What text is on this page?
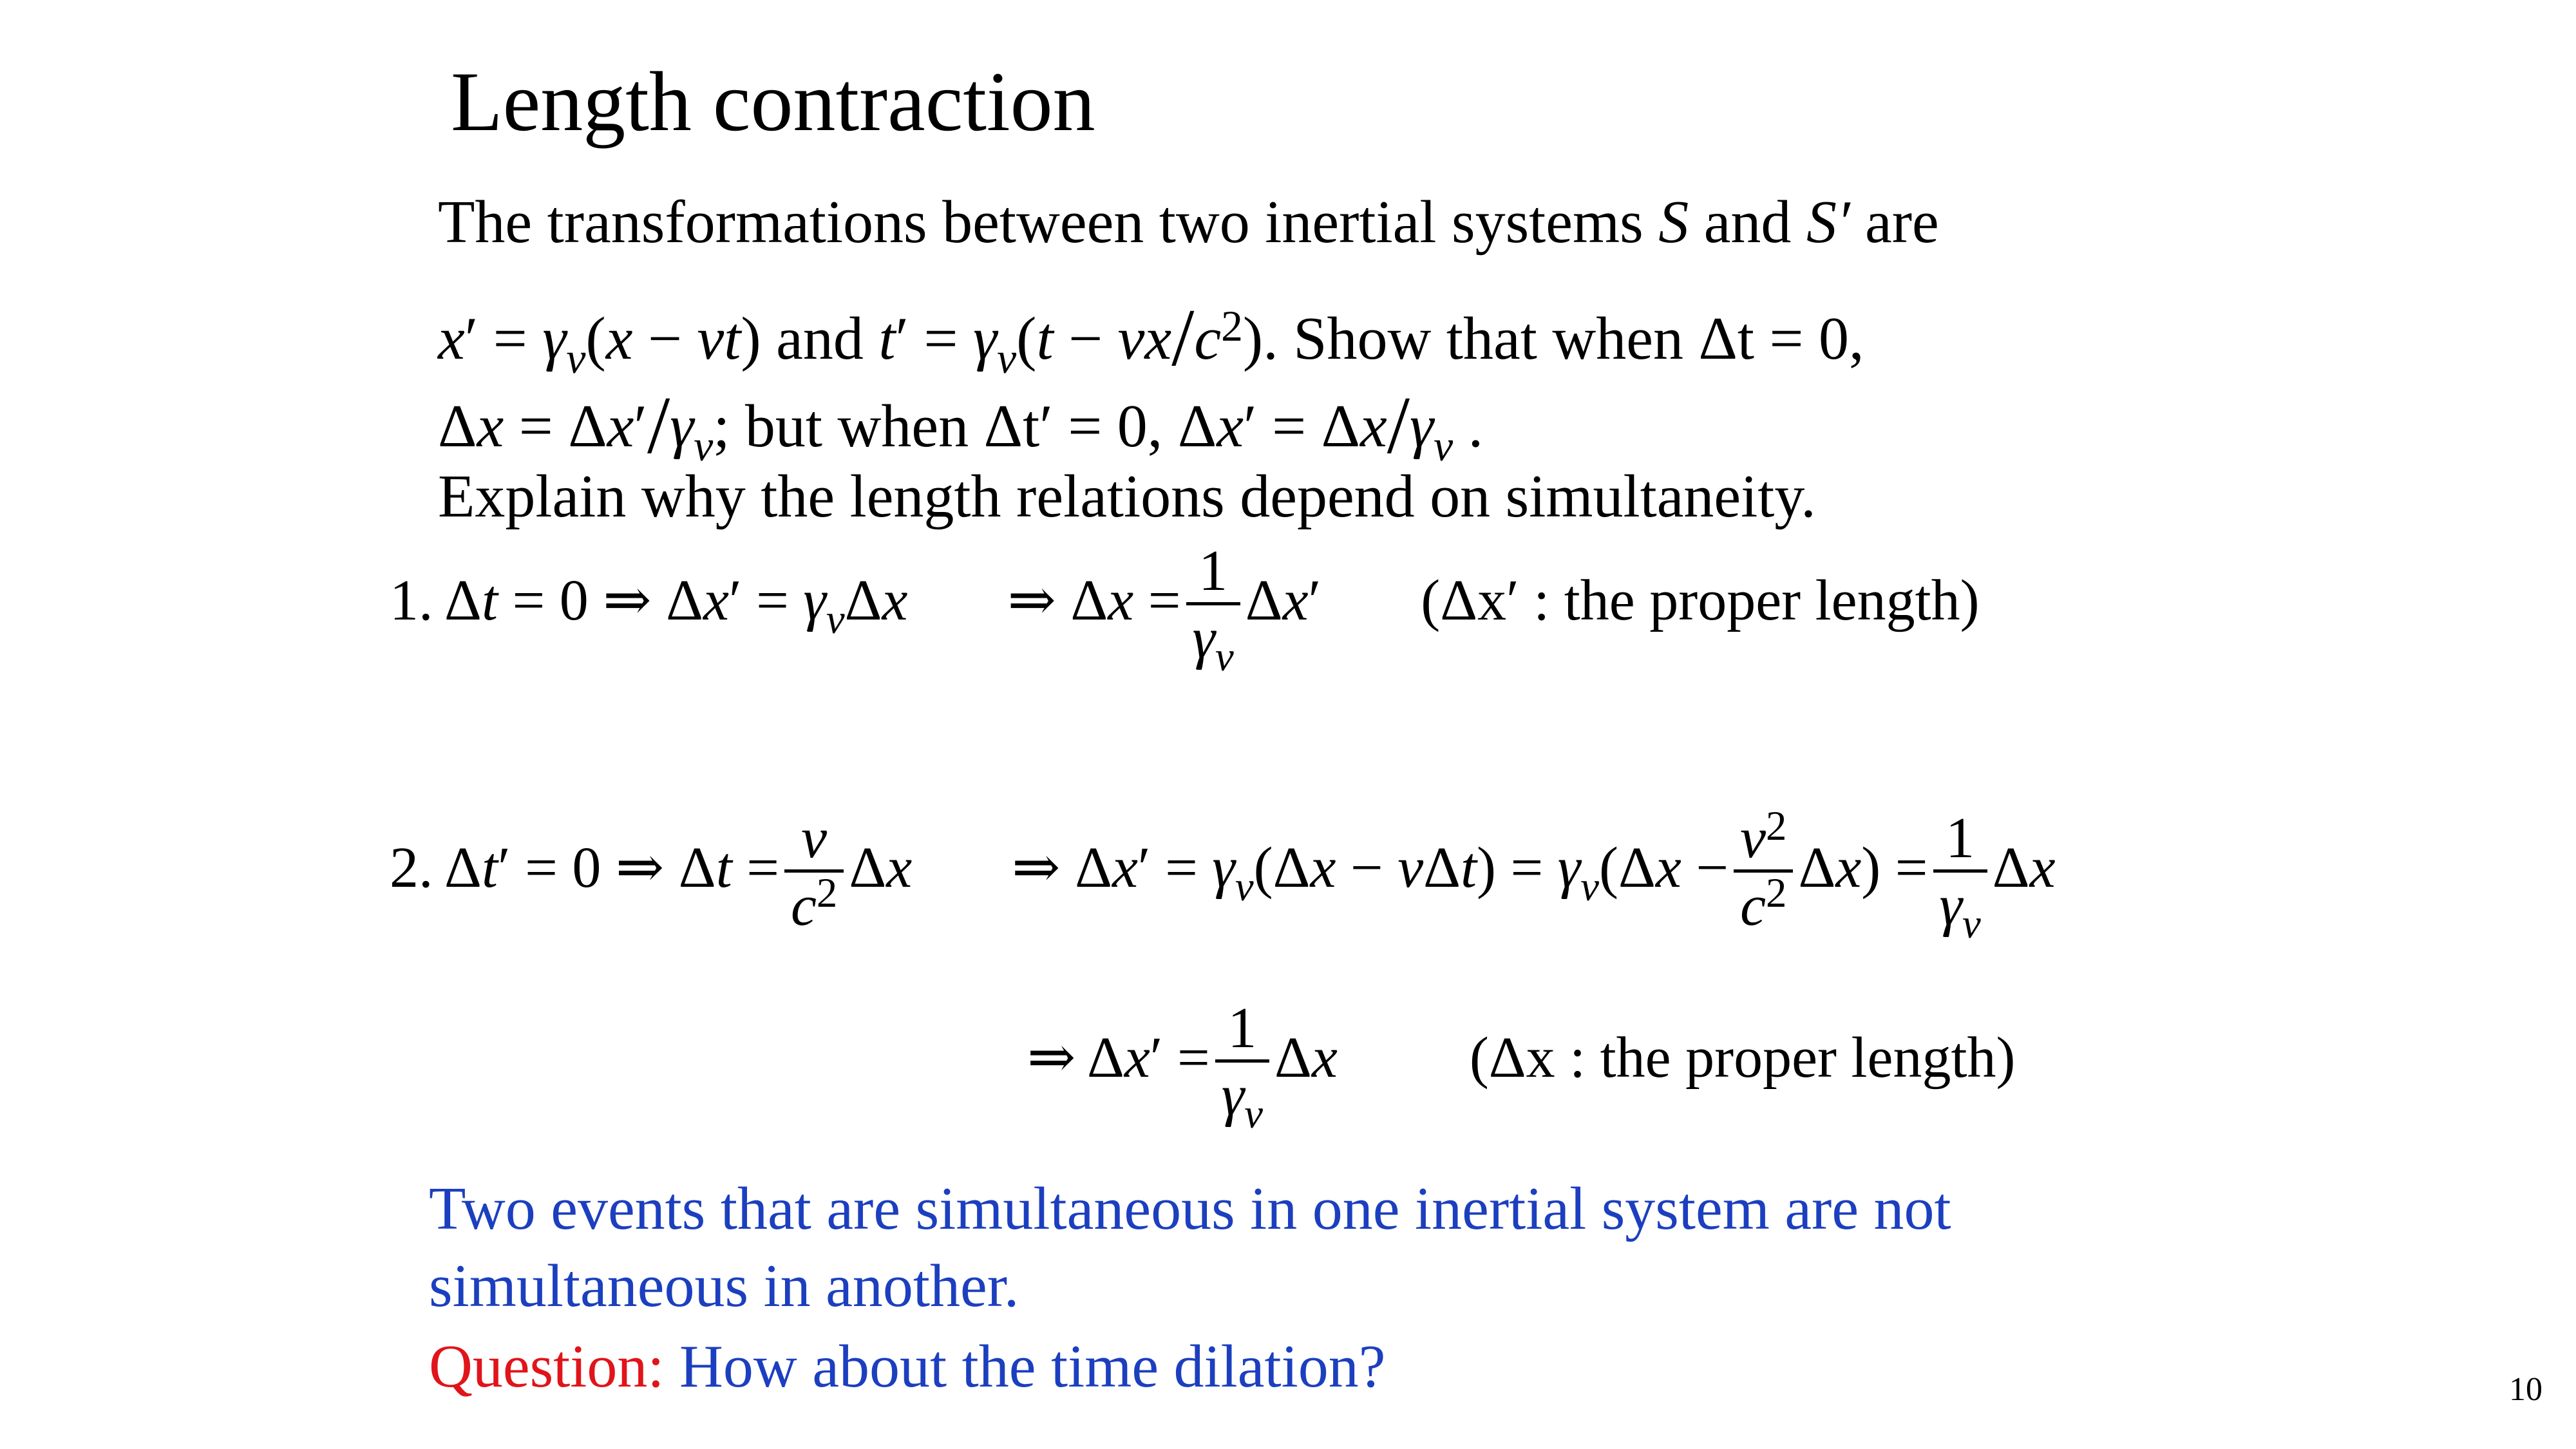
Length contraction
The transformations between two inertial systems S and S′ are
$x' = \gamma_v(x - vt)$ and $t' = \gamma_v(t - vx/c^2)$. Show that when Δt = 0,
$\Delta x = \Delta x'/\gamma_v$; but when Δt′ = 0, $\Delta x' = \Delta x/\gamma_v$ .
Explain why the length relations depend on simultaneity.
1. Δt = 0 ⇒ $\Delta x' = \gamma_v\Delta x$ ⇒ $\Delta x = \frac{1}{\gamma_v} \Delta x'$ (Δx′ : the proper length)
2. Δt′ = 0 ⇒ $\Delta t = \frac{v}{c^2}$ Δx ⇒ $\Delta x' = \gamma_v(\Delta x - v\Delta t) = \gamma_v(\Delta x - \frac{v^2}{c^2} \Delta x) = \frac{1}{\gamma_v}$ Δx
⇒ $\Delta x' = \frac{1}{\gamma_v}$ Δx (Δx : the proper length)
Two events that are simultaneous in one inertial system are not
simultaneous in another.
Question: How about the time dilation?	10
